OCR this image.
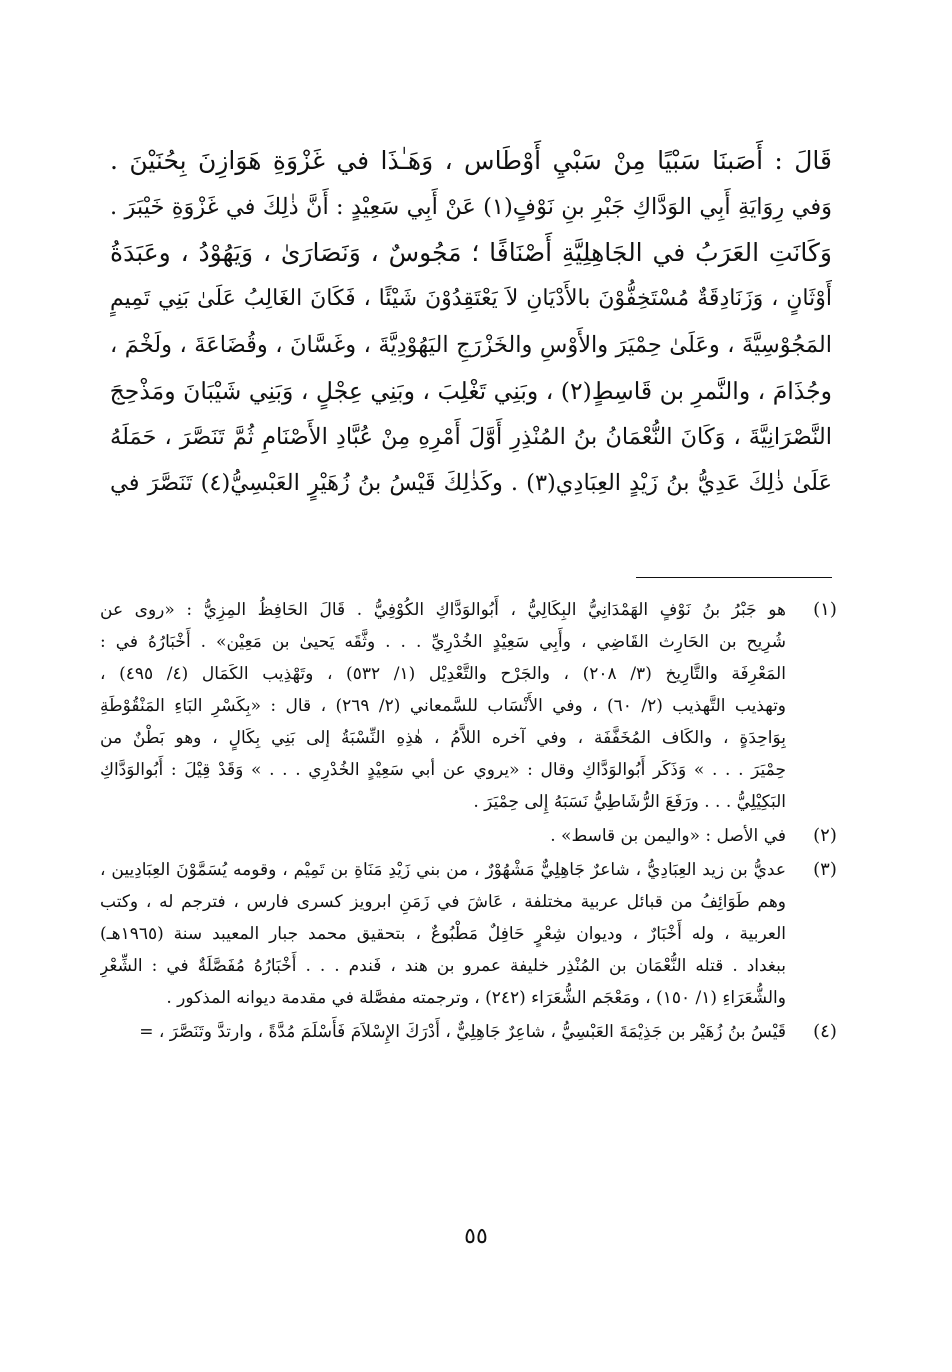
قَالَ : أَصَبنَا سَبْيًا مِنْ سَبْيِ أَوْطَاس ، وَهَـٰذَا في غَزْوَةِ هَوَازِنَ بِحُنَيْنَ .
وَفي رِوَايَةِ أَبِي الوَدَّاكِ جَبْرِ بنِ نَوْفٍ(١) عَنْ أَبِي سَعِيْدٍ : أَنَّ ذٰلِكَ في غَزْوَةِ خَيْبَرَ .
وَكَانَتِ العَرَبُ في الجَاهِلِيَّةِ أَصْنَافًا ؛ مَجُوسٌ ، وَنَصَارَىٰ ، وَيَهُوْدُ ، وعَبَدَةُ
أَوْثَانٍ ، وَزَنَادِقَةٌ مُسْتَخِفُّوْنَ بالأَدْيَانِ لاَ يَعْتَقِدُوْنَ شَيْئًا ، فَكَانَ الغَالِبُ عَلَىٰ بَنِي تَمِيمٍ
المَجُوْسِيَّةَ ، وعَلَىٰ حِمْيَرَ والأَوْسِ والخَزْرَجِ اليَهُوْدِيَّةَ ، وغَسَّانَ ، وقُضَاعَةَ ، ولَخْمَ ،
وجُذَامَ ، والنَّمرِ بن قَاسِطٍ(٢) ، وبَنِي تَغْلِبَ ، وبَنِي عِجْلٍ ، وَبَنِي شَيْبَانَ ومَذْحِجَ
النَّصْرَانِيَّةَ ، وَكَانَ النُّعْمَانُ بنُ المُنْذِرِ أَوَّلَ أَمْرِهِ مِنْ عُبَّادِ الأَصْنَامِ ثُمَّ تَنَصَّرَ ، حَمَلَهُ
عَلَىٰ ذٰلِكَ عَدِيُّ بنُ زَيْدٍ العِبَادِي(٣) . وكَذٰلِكَ قَيْسُ بنُ زُهَيْرٍ العَبْسِيُّ(٤) تَنَصَّرَ في
(١)
هو جَبْرُ بنُ نَوْفٍ الهَمْدَانِيُّ البِكَالِيُّ ، أَبُوالوَدَّاكِ الكُوْفِيُّ . قَالَ الحَافِظُ المِزِيُّ : «روى عن
شُرِيح بن الحَارِث القَاضِي ، وأَبِي سَعِيْدٍ الخُدْرِيِّ . . . وثَّقَه يَحيىٰ بن مَعِيْن» . أَخْبَارُهُ في :
المَعْرِفَة والتَّارِيخ (٣/ ٢٠٨) ، والجَرْح والتَّعْدِيْل (١/ ٥٣٢) ، وتَهْذِيب الكَمَال (٤/ ٤٩٥) ،
وتهذيب التَّهذيب (٢/ ٦٠) ، وفي الأَنْسَاب للسَّمعاني (٢/ ٢٦٩) ، قال : «بِكَسْرِ البَاءِ المَنْقُوْطَةِ
بِوَاحِدَةٍ ، والكَاف المُخَفَّفَة ، وفي آخره اللاَّمُ ، هٰذِهِ النِّسْبَةُ إلى بَنِي بِكَالٍ ، وهو بَطْنٌ من
حِمْيَرَ . . . » وَذَكَر أَبُوالوَدَّاكِ وقال : «يروي عن أبي سَعِيْدٍ الخُدْرِي . . . » وَقَدْ قِيْلَ : أَبُوالوَدَّاكِ
البَكِيْلِيُّ . . . ورَفَعَ الرُّشَاطِيُّ نَسَبَهُ إِلى حِمْيَرَ .
(٢)
في الأصل : «واليمن بن قاسط» .
(٣)
عديُّ بن زيد العِبَادِيُّ ، شاعرٌ جَاهِلِيٌّ مَشْهُوْرٌ ، من بني زَيْدِ مَنَاةِ بن تَمِيْم ، وقومه يُسَمَّوْنَ العِبَادِيين ،
وهم طَوَائِفُ من قبائل عربية مختلفة ، عَاشَ في زَمَنِ ابرويز كسرى فارس ، فترجم له ، وكتب
العربية ، وله أَخْبَارٌ ، وديوان شِعْرٍ حَافِلٌ مَطْبُوعٌ ، بتحقيق محمد جبار المعيبد سنة (١٩٦٥هـ)
ببغداد . قتله النُّعْمَان بن المُنْذِر خليفة عمرو بن هند ، فَندم . . . أَخْبَارُهُ مُفَصَّلَةٌ في : الشِّعْرِ
والشُّعَرَاءِ (١/ ١٥٠) ، ومَعْجَم الشُّعَرَاء (٢٤٢) ، وترجمته مفصَّلة في مقدمة ديوانه المذكور .
(٤)
قَيْسُ بنُ زُهَيْر بن جَذِيْمَةَ العَبْسِيُّ ، شاعِرٌ جَاهِلِيٌّ ، أَدْرَكَ الإِسْلاَمَ فَأَسْلَمَ مُدَّةً ، وارتدَّ وتَنَصَّرَ ، =
٥٥
